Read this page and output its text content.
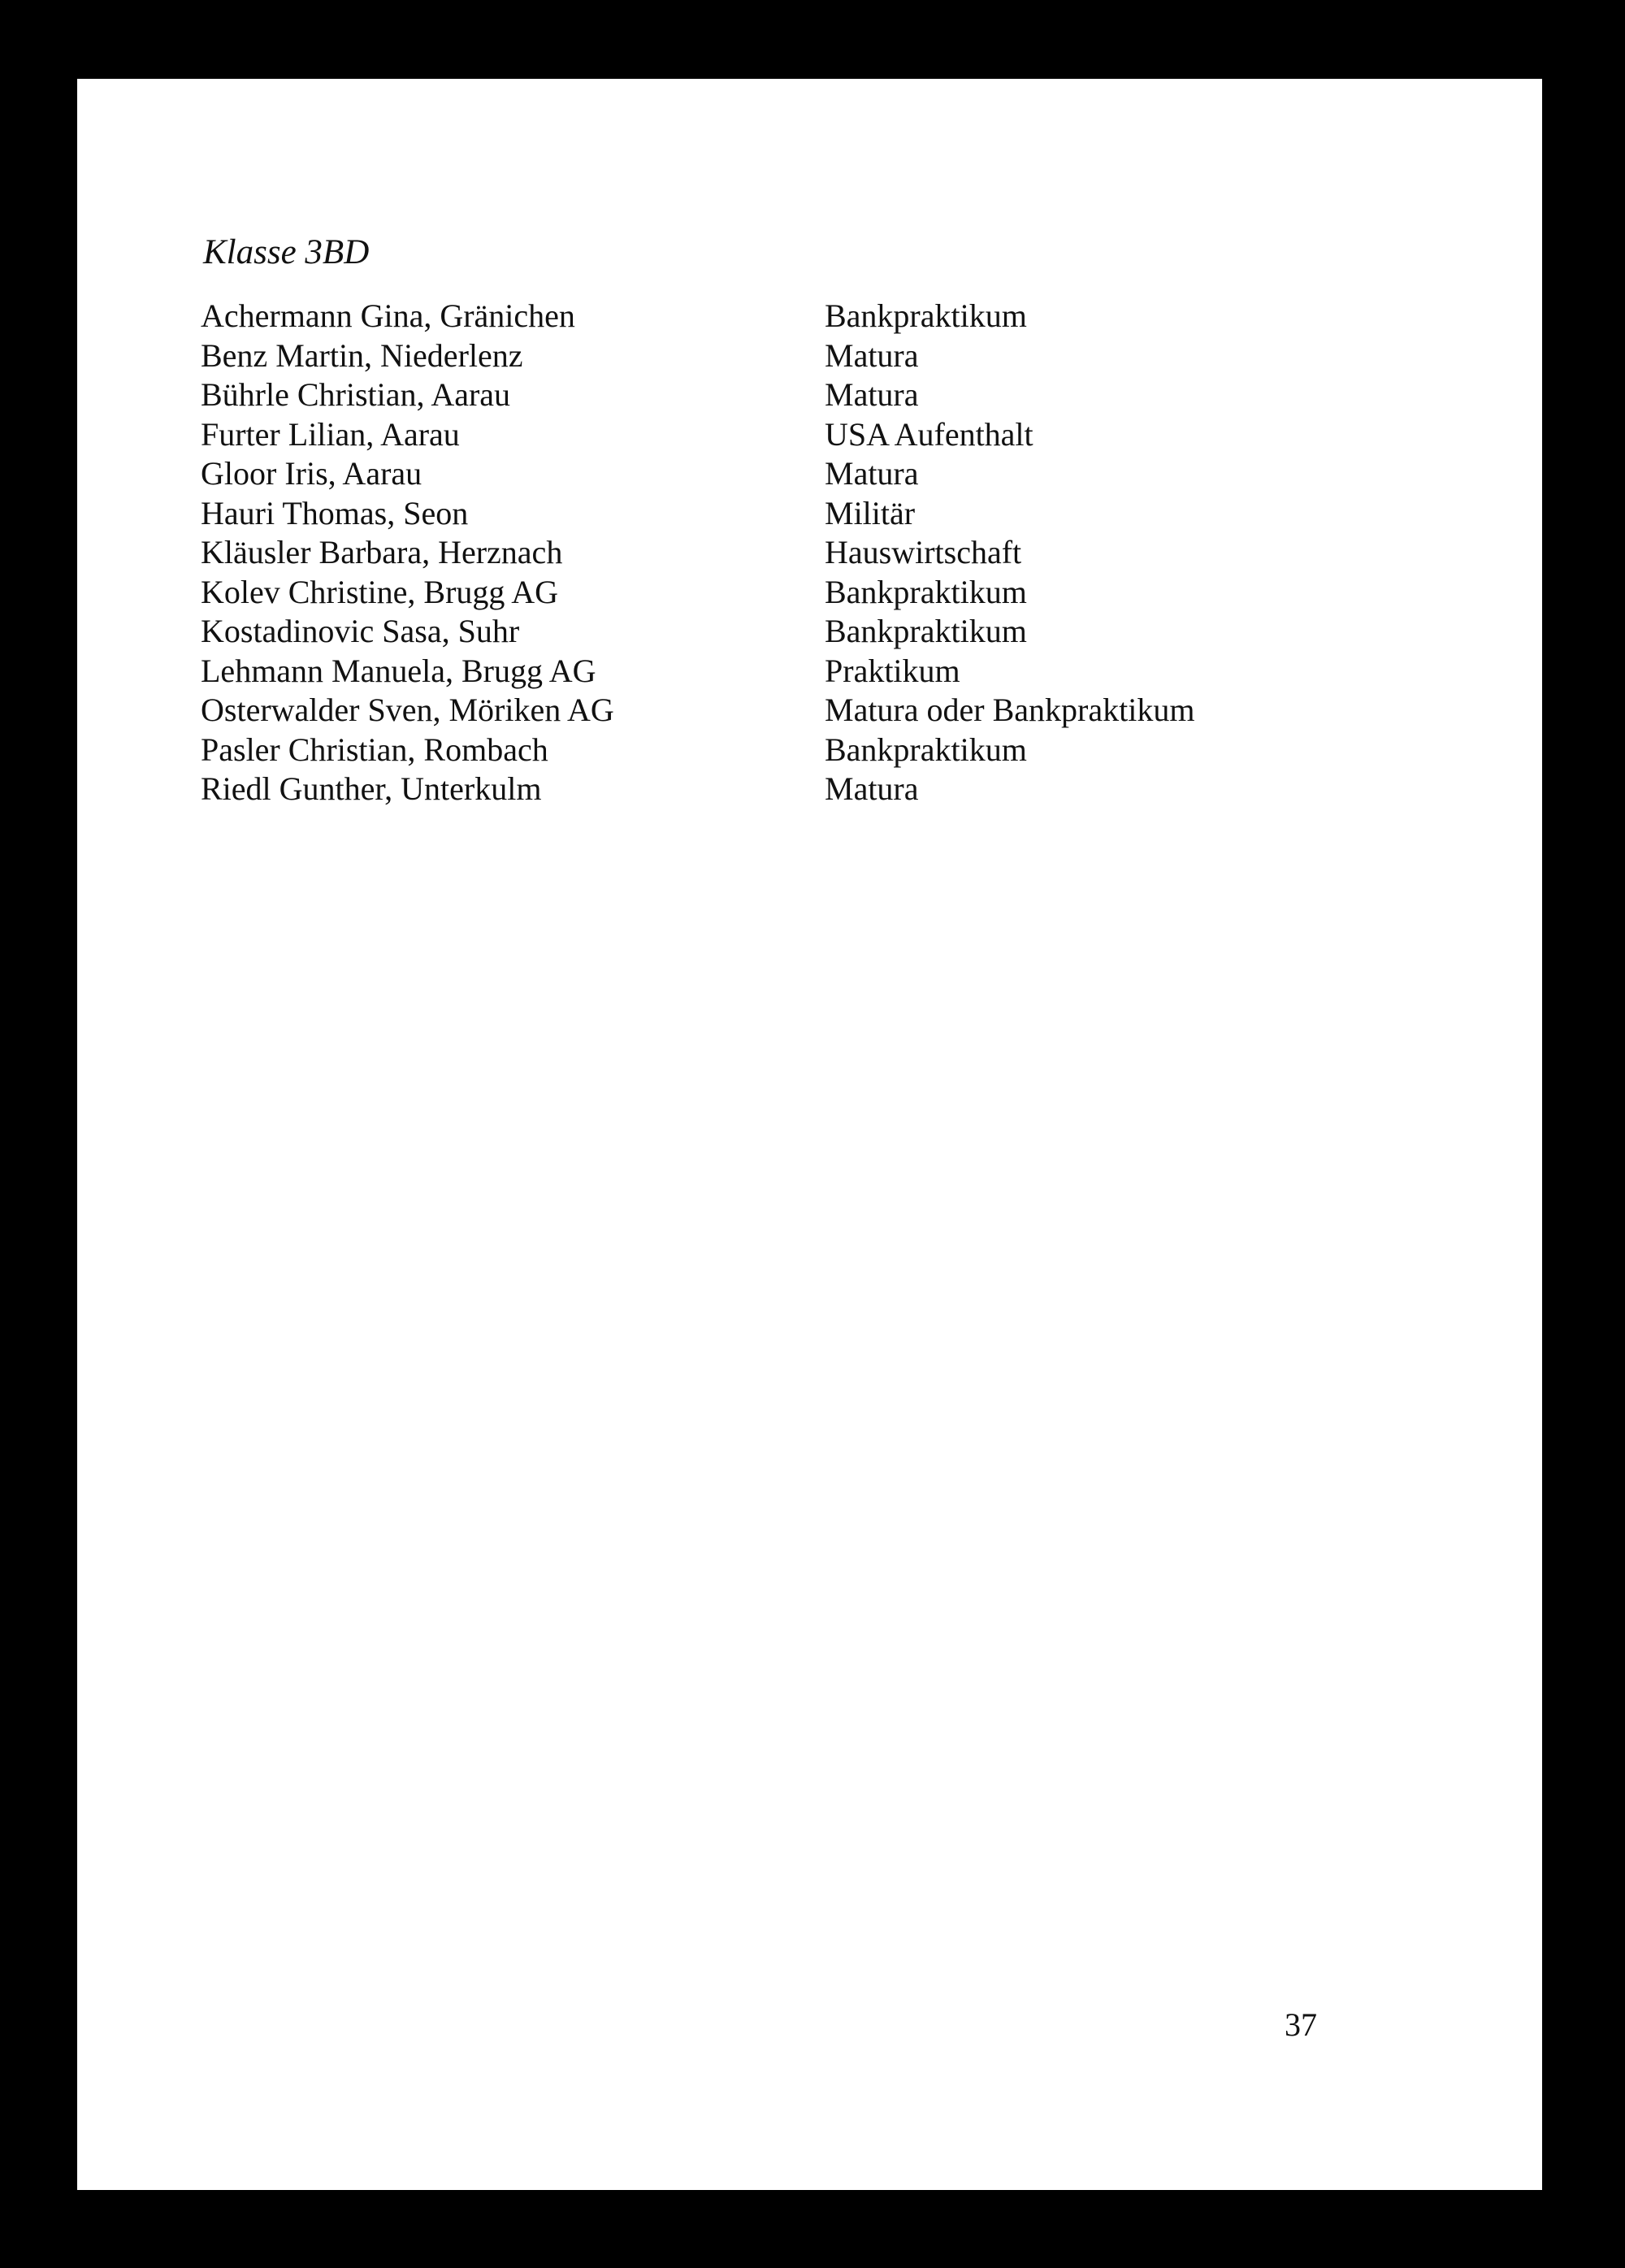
Klasse 3BD
Achermann Gina, Gränichen	Bankpraktikum
Benz Martin, Niederlenz	Matura
Bührle Christian, Aarau	Matura
Furter Lilian, Aarau	USA Aufenthalt
Gloor Iris, Aarau	Matura
Hauri Thomas, Seon	Militär
Kläusler Barbara, Herznach	Hauswirtschaft
Kolev Christine, Brugg AG	Bankpraktikum
Kostadinovic Sasa, Suhr	Bankpraktikum
Lehmann Manuela, Brugg AG	Praktikum
Osterwalder Sven, Möriken AG	Matura oder Bankpraktikum
Pasler Christian, Rombach	Bankpraktikum
Riedl Gunther, Unterkulm	Matura
37
